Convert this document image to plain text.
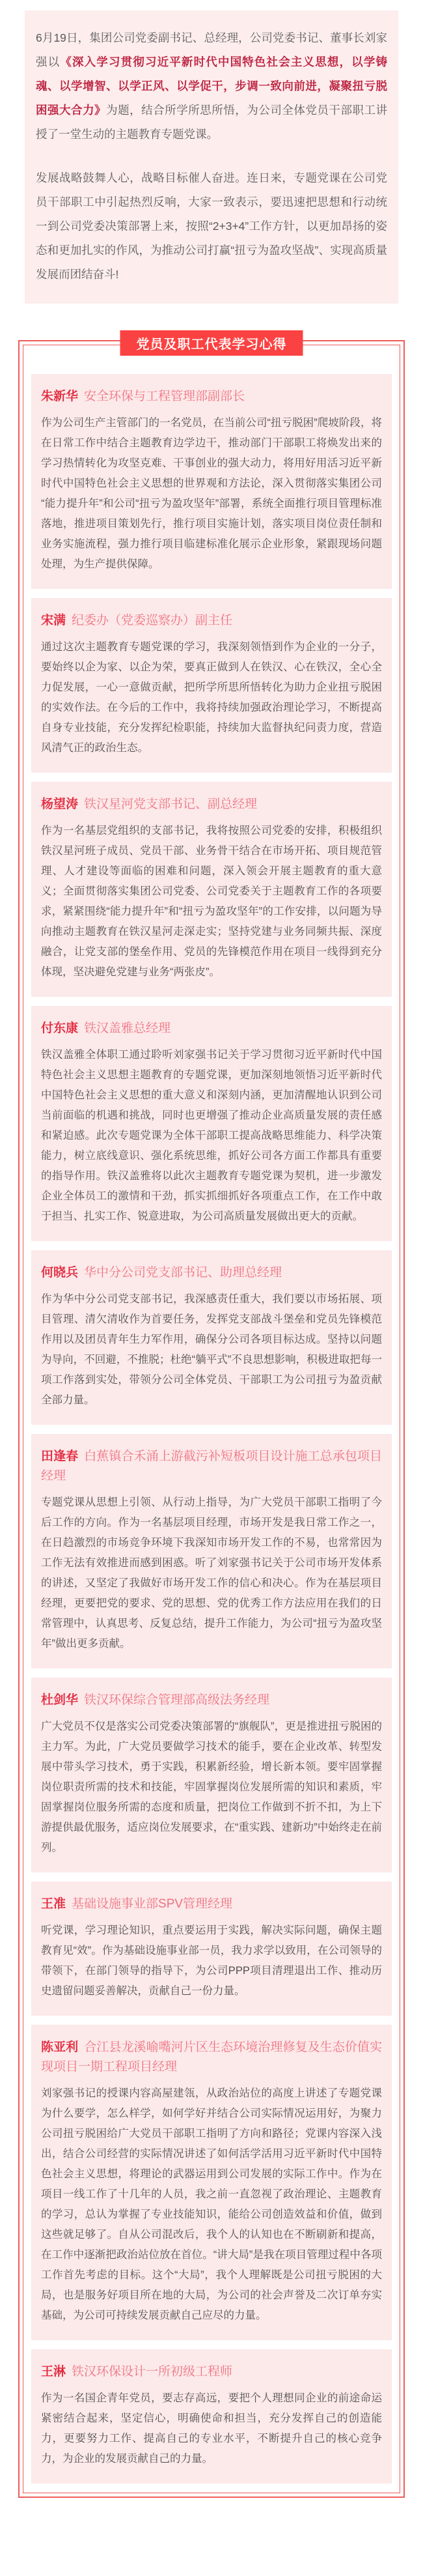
6月19日，集团公司党委副书记、总经理，公司党委书记、董事长刘家强以《深入学习贯彻习近平新时代中国特色社会主义思想，以学铸魂、以学增智、以学正风、以学促干，步调一致向前进，凝聚扭亏脱困强大合力》为题，结合所学所思所悟，为公司全体党员干部职工讲授了一堂生动的主题教育专题党课。

发展战略鼓舞人心，战略目标催人奋进。连日来，专题党课在公司党员干部职工中引起热烈反响，大家一致表示，要迅速把思想和行动统一到公司党委决策部署上来，按照“2+3+4”工作方针，以更加昂扬的姿态和更加扎实的作风，为推动公司打赢“扭亏为盈攻坚战”、实现高质量发展而团结奋斗!

党员及职工代表学习心得
朱新华 安全环保与工程管理部副部长

作为公司生产主管部门的一名党员，在当前公司“扭亏脱困”爬坡阶段，将在日常工作中结合主题教育边学边干，推动部门干部职工将焕发出来的学习热情转化为攻坚克难、干事创业的强大动力，将用好用活习近平新时代中国特色社会主义思想的世界观和方法论，深入贯彻落实集团公司“能力提升年”和公司“扭亏为盈攻坚年”部署，系统全面推行项目管理标准落地，推进项目策划先行，推行项目实施计划，落实项目岗位责任制和业务实施流程，强力推行项目临建标准化展示企业形象，紧跟现场问题处理，为生产提供保障。

宋满 纪委办（党委巡察办）副主任

通过这次主题教育专题党课的学习，我深刻领悟到作为企业的一分子，要始终以企为家、以企为荣，要真正做到人在铁汉、心在铁汉，全心全力促发展，一心一意做贡献，把所学所思所悟转化为助力企业扭亏脱困的实效作法。在今后的工作中，我将持续加强政治理论学习，不断提高自身专业技能，充分发挥纪检职能，持续加大监督执纪问责力度，营造风清气正的政治生态。

杨望涛 铁汉星河党支部书记、副总经理

作为一名基层党组织的支部书记，我将按照公司党委的安排，积极组织铁汉星河班子成员、党员干部、业务骨干结合在市场开拓、项目规范管理、人才建设等面临的困难和问题，深入领会开展主题教育的重大意义；全面贯彻落实集团公司党委、公司党委关于主题教育工作的各项要求，紧紧围绕“能力提升年”和“扭亏为盈攻坚年”的工作安排，以问题为导向推动主题教育在铁汉星河走深走实；坚持党建与业务同频共振、深度融合，让党支部的堡垒作用、党员的先锋模范作用在项目一线得到充分体现，坚决避免党建与业务“两张皮”。

付东康 铁汉盖雅总经理

铁汉盖雅全体职工通过聆听刘家强书记关于学习贯彻习近平新时代中国特色社会主义思想主题教育的专题党课，更加深刻地领悟习近平新时代中国特色社会主义思想的重大意义和深刻内涵，更加清醒地认识到公司当前面临的机遇和挑战，同时也更增强了推动企业高质量发展的责任感和紧迫感。此次专题党课为全体干部职工提高战略思维能力、科学决策能力，树立底线意识、强化系统思维，抓好公司各方面工作都具有重要的指导作用。铁汉盖雅将以此次主题教育专题党课为契机，进一步激发企业全体员工的激情和干劲，抓实抓细抓好各项重点工作，在工作中敢于担当、扎实工作、锐意进取，为公司高质量发展做出更大的贡献。

何晓兵 华中分公司党支部书记、助理总经理

作为华中分公司党支部书记，我深感责任重大，我们要以市场拓展、项目管理、清欠清收作为首要任务，发挥党支部战斗堡垒和党员先锋模范作用以及团员青年生力军作用，确保分公司各项目标达成。坚持以问题为导向，不回避，不推脱；杜绝“躺平式”不良思想影响，积极进取把每一项工作落到实处，带领分公司全体党员、干部职工为公司扭亏为盈贡献全部力量。

田逢春 白蕉镇合禾涌上游截污补短板项目设计施工总承包项目经理

专题党课从思想上引领、从行动上指导，为广大党员干部职工指明了今后工作的方向。作为一名基层项目经理，市场开发是我日常工作之一，在日趋激烈的市场竞争环境下我深知市场开发工作的不易，也常常因为工作无法有效推进而感到困惑。听了刘家强书记关于公司市场开发体系的讲述，又坚定了我做好市场开发工作的信心和决心。作为在基层项目经理，更要把党的要求、党的思想、党的优秀工作方法应用在我们的日常管理中，认真思考、反复总结，提升工作能力，为公司“扭亏为盈攻坚年”做出更多贡献。

杜剑华 铁汉环保综合管理部高级法务经理

广大党员不仅是落实公司党委决策部署的“旗舰队”，更是推进扭亏脱困的主力军。为此，广大党员要做学习技术的能手，要在企业改革、转型发展中带头学习技术，勇于实践，积累新经验，增长新本领。要牢固掌握岗位职责所需的技术和技能，牢固掌握岗位发展所需的知识和素质，牢固掌握岗位服务所需的态度和质量，把岗位工作做到不折不扣，为上下游提供最优服务，适应岗位发展要求，在“重实践、建新功”中始终走在前列。

王准 基础设施事业部SPV管理经理

听党课，学习理论知识，重点要运用于实践，解决实际问题，确保主题教育见“效”。作为基础设施事业部一员，我力求学以致用，在公司领导的带领下，在部门领导的指导下，为公司PPP项目清理退出工作、推动历史遗留问题妥善解决，贡献自己一份力量。

陈亚利 合江县龙溪喻嘴河片区生态环境治理修复及生态价值实现项目一期工程项目经理

刘家强书记的授课内容高屋建瓴，从政治站位的高度上讲述了专题党课为什么要学，怎么样学，如何学好并结合公司实际情况运用好，为聚力公司扭亏脱困给广大党员干部职工指明了方向和路径；党课内容深入浅出，结合公司经营的实际情况讲述了如何活学活用习近平新时代中国特色社会主义思想，将理论的武器运用到公司发展的实际工作中。作为在项目一线工作了十几年的人员，我之前一直忽视了政治理论、主题教育的学习，总认为掌握了专业技能知识，能给公司创造效益和价值，做到这些就足够了。自从公司混改后，我个人的认知也在不断刷新和提高，在工作中逐渐把政治站位放在首位。“讲大局”是我在项目管理过程中各项工作首先考虑的目标。这个“大局”，我个人理解既是公司扭亏脱困的大局，也是服务好项目所在地的大局，为公司的社会声誉及二次订单夯实基础，为公司可持续发展贡献自己应尽的力量。

王淋 铁汉环保设计一所初级工程师

作为一名国企青年党员，要志存高远，要把个人理想同企业的前途命运紧密结合起来，坚定信心，明确使命和担当，充分发挥自己的创造能力，更要努力工作、提高自己的专业水平，不断提升自己的核心竞争力，为企业的发展贡献自己的力量。
